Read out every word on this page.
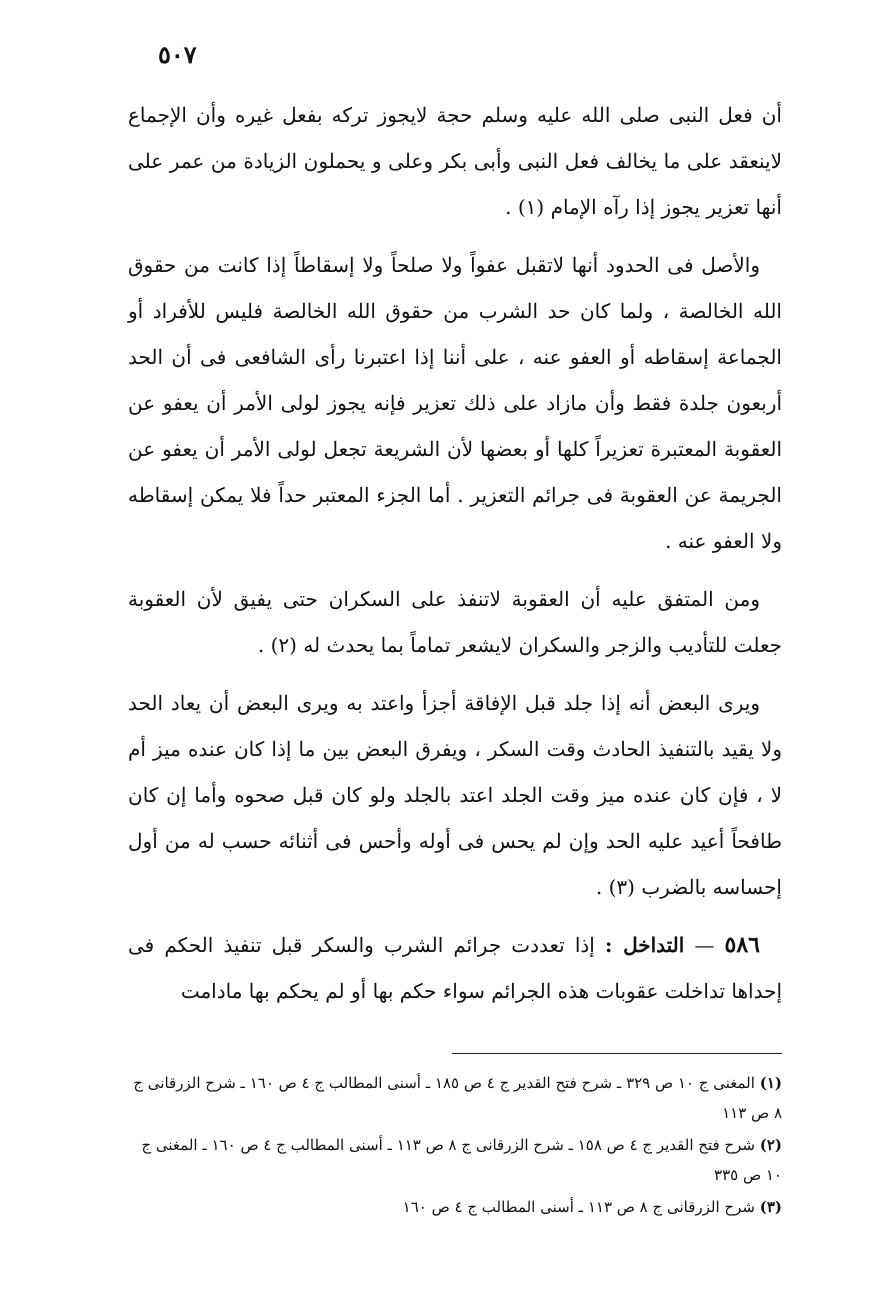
٥٠٧

أن فعل النبى صلى الله عليه وسلم حجة لايجوز تركه بفعل غيره وأن الإجماع لاينعقد على ما يخالف فعل النبى وأبى بكر وعلى و يحملون الزيادة من عمر على أنها تعزير يجوز إذا رآه الإمام (١) .

والأصل فى الحدود أنها لاتقبل عفواً ولا صلحاً ولا إسقاطاً إذا كانت من حقوق الله الخالصة ، ولما كان حد الشرب من حقوق الله الخالصة فليس للأفراد أو الجماعة إسقاطه أو العفو عنه ، على أننا إذا اعتبرنا رأى الشافعى فى أن الحد أربعون جلدة فقط وأن مازاد على ذلك تعزير فإنه يجوز لولى الأمر أن يعفو عن العقوبة المعتبرة تعزيراً كلها أو بعضها لأن الشريعة تجعل لولى الأمر أن يعفو عن الجريمة عن العقوبة فى جرائم التعزير . أما الجزء المعتبر حداً فلا يمكن إسقاطه ولا العفو عنه .

ومن المتفق عليه أن العقوبة لاتنفذ على السكران حتى يفيق لأن العقوبة جعلت للتأديب والزجر والسكران لايشعر تماماً بما يحدث له (٢) .

ويرى البعض أنه إذا جلد قبل الإفاقة أجزأ واعتد به ويرى البعض أن يعاد الحد ولا يقيد بالتنفيذ الحادث وقت السكر ، ويفرق البعض بين ما إذا كان عنده ميز أم لا ، فإن كان عنده ميز وقت الجلد اعتد بالجلد ولو كان قبل صحوه وأما إن كان طافحاً أعيد عليه الحد وإن لم يحس فى أوله وأحس فى أثنائه حسب له من أول إحساسه بالضرب (٣) .

٥٨٦ — التداخل : إذا تعددت جرائم الشرب والسكر قبل تنفيذ الحكم فى إحداها تداخلت عقوبات هذه الجرائم سواء حكم بها أو لم يحكم بها مادامت

(١) المغنى ج ١٠ ص ٣٢٩ ـ شرح فتح القدير ج ٤ ص ١٨٥ ـ أسنى المطالب ج ٤ ص ١٦٠ ـ شرح الزرقانى ج ٨ ص ١١٣

(٢) شرح فتح القدير ج ٤ ص ١٥٨ ـ شرح الزرقانى ج ٨ ص ١١٣ ـ أسنى المطالب ج ٤ ص ١٦٠ ـ المغنى ج ١٠ ص ٣٣٥

(٣) شرح الزرقانى ج ٨ ص ١١٣ ـ أسنى المطالب ج ٤ ص ١٦٠
